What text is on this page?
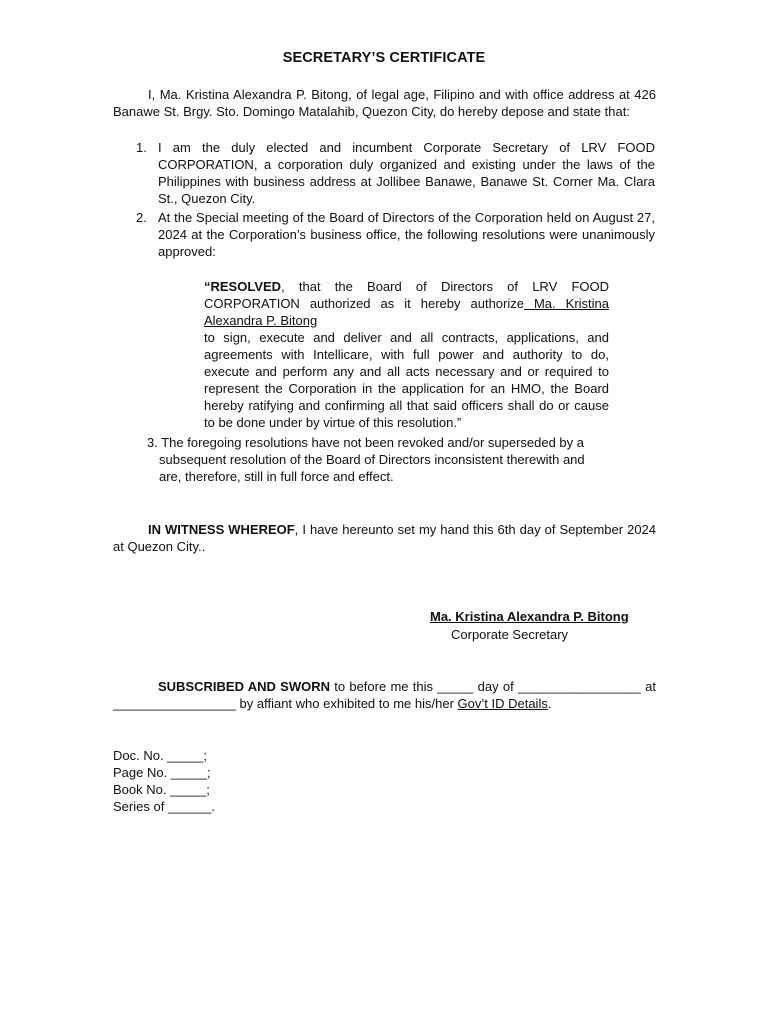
SECRETARY’S CERTIFICATE
I, Ma. Kristina Alexandra P. Bitong, of legal age, Filipino and with office address at 426 Banawe St. Brgy. Sto. Domingo Matalahib, Quezon City, do hereby depose and state that:
1. I am the duly elected and incumbent Corporate Secretary of LRV FOOD CORPORATION, a corporation duly organized and existing under the laws of the Philippines with business address at Jollibee Banawe, Banawe St. Corner Ma. Clara St., Quezon City.
2. At the Special meeting of the Board of Directors of the Corporation held on August 27, 2024 at the Corporation’s business office, the following resolutions were unanimously approved:
“RESOLVED, that the Board of Directors of LRV FOOD CORPORATION authorized as it hereby authorize Ma. Kristina Alexandra P. Bitong
to sign, execute and deliver and all contracts, applications, and agreements with Intellicare, with full power and authority to do, execute and perform any and all acts necessary and or required to represent the Corporation in the application for an HMO, the Board hereby ratifying and confirming all that said officers shall do or cause to be done under by virtue of this resolution.”
3. The foregoing resolutions have not been revoked and/or superseded by a subsequent resolution of the Board of Directors inconsistent therewith and are, therefore, still in full force and effect.
IN WITNESS WHEREOF, I have hereunto set my hand this 6th day of September 2024 at Quezon City..
Ma. Kristina Alexandra P. Bitong
Corporate Secretary
SUBSCRIBED AND SWORN to before me this _____ day of _________________ at _________________ by affiant who exhibited to me his/her Gov’t ID Details.
Doc. No. _____;
Page No. _____;
Book No. _____;
Series of ______.
